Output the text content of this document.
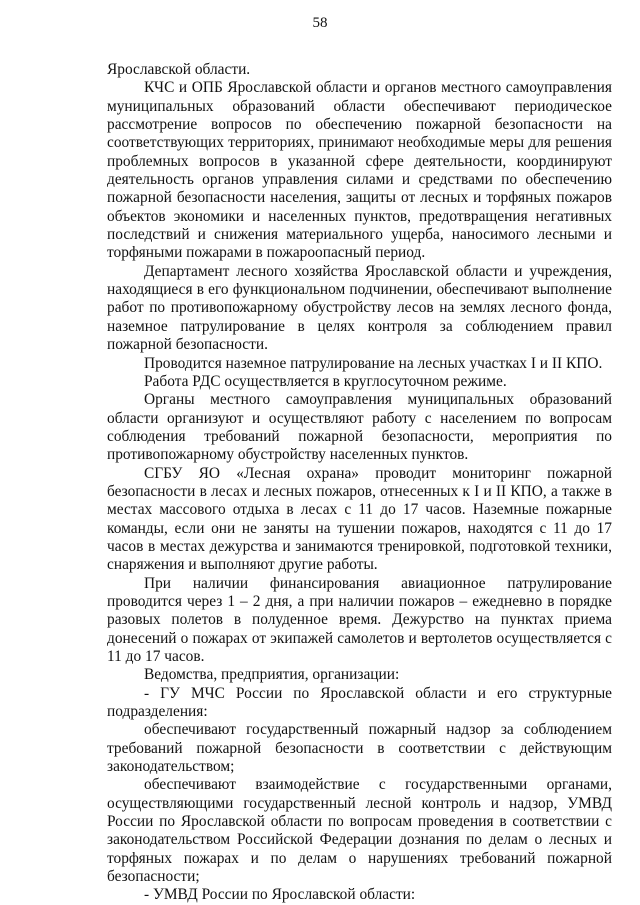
58

Ярославской области.

КЧС и ОПБ Ярославской области и органов местного самоуправления муниципальных образований области обеспечивают периодическое рассмотрение вопросов по обеспечению пожарной безопасности на соответствующих территориях, принимают необходимые меры для решения проблемных вопросов в указанной сфере деятельности, координируют деятельность органов управления силами и средствами по обеспечению пожарной безопасности населения, защиты от лесных и торфяных пожаров объектов экономики и населенных пунктов, предотвращения негативных последствий и снижения материального ущерба, наносимого лесными и торфяными пожарами в пожароопасный период.

Департамент лесного хозяйства Ярославской области и учреждения, находящиеся в его функциональном подчинении, обеспечивают выполнение работ по противопожарному обустройству лесов на землях лесного фонда, наземное патрулирование в целях контроля за соблюдением правил пожарной безопасности.

Проводится наземное патрулирование на лесных участках I и II КПО.

Работа РДС осуществляется в круглосуточном режиме.

Органы местного самоуправления муниципальных образований области организуют и осуществляют работу с населением по вопросам соблюдения требований пожарной безопасности, мероприятия по противопожарному обустройству населенных пунктов.

СГБУ ЯО «Лесная охрана» проводит мониторинг пожарной безопасности в лесах и лесных пожаров, отнесенных к I и II КПО, а также в местах массового отдыха в лесах с 11 до 17 часов. Наземные пожарные команды, если они не заняты на тушении пожаров, находятся с 11 до 17 часов в местах дежурства и занимаются тренировкой, подготовкой техники, снаряжения и выполняют другие работы.

При наличии финансирования авиационное патрулирование проводится через 1 – 2 дня, а при наличии пожаров – ежедневно в порядке разовых полетов в полуденное время. Дежурство на пунктах приема донесений о пожарах от экипажей самолетов и вертолетов осуществляется с 11 до 17 часов.

Ведомства, предприятия, организации:

- ГУ МЧС России по Ярославской области и его структурные подразделения:

обеспечивают государственный пожарный надзор за соблюдением требований пожарной безопасности в соответствии с действующим законодательством;

обеспечивают взаимодействие с государственными органами, осуществляющими государственный лесной контроль и надзор, УМВД России по Ярославской области по вопросам проведения в соответствии с законодательством Российской Федерации дознания по делам о лесных и торфяных пожарах и по делам о нарушениях требований пожарной безопасности;

- УМВД России по Ярославской области:
